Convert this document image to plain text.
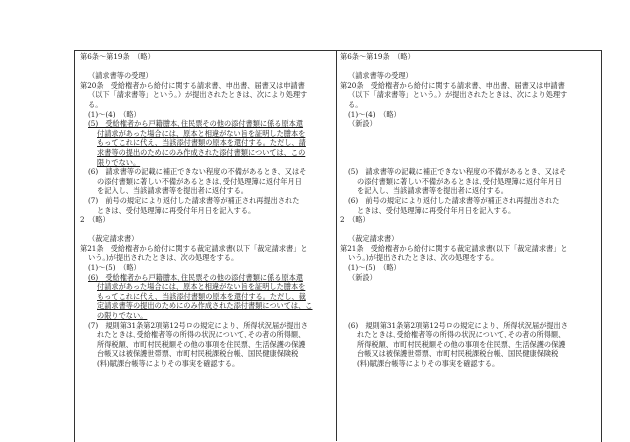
第6条～第19条　（略）
（請求書等の受理）
第20条　受給権者から給付に関する請求書、申出書、届書又は申請書
（以下「請求書等」という。）が提出されたときは、次により処理す
る。
(1)～(4)　（略）
(5)　受給権者から戸籍謄本､住民票その他の添付書類に係る原本還
付請求があった場合には、原本と相違がない旨を証明した謄本を
もってこれに代え、当該添付書類の原本を還付する。ただし、請
求書等の提出のためにのみ作成された添付書類については、この
限りでない。
(6)　請求書等の記載に補正できない程度の不備があるとき、又はそ
の添付書類に著しい不備があるときは､受付処理簿に返付年月日
を記入し、当該請求書等を提出者に返付する。
(7)　前号の規定により返付した請求書等が補正され再提出された
ときは、受付処理簿に再受付年月日を記入する。
2　（略）
（裁定請求書）
第21条　受給権者から給付に関する裁定請求書(以下「裁定請求書」と
いう。)が提出されたときは、次の処理をする。
(1)～(5)　（略）
(6)　受給権者から戸籍謄本､住民票その他の添付書類に係る原本還
付請求があった場合には、原本と相違がない旨を証明した謄本を
もってこれに代え、当該添付書類の原本を還付する。ただし、裁
定請求書等の提出のためにのみ作成された添付書類については、こ
の限りでない。
(7)　規則第31条第2項第12号ロの規定により、所得状況届が提出さ
れたときは､受給権者等の所得の状況について､その者の所得額、
所得税額、市町村民税額その他の事項を住民票、生活保護の保護
台帳又は被保護世帯票、市町村民税課税台帳、国民健康保険税
(料)賦課台帳等によりその事実を確認する。
第6条～第19条　（略）
（請求書等の受理）
第20条　受給権者から給付に関する請求書、申出書、届書又は申請書
（以下「請求書等」という。）が提出されたときは、次により処理す
る。
(1)～(4)　（略）
（新設）
(5)　請求書等の記載に補正できない程度の不備があるとき、又はそ
の添付書類に著しい不備があるときは､受付処理簿に返付年月日
を記入し、当該請求書等を提出者に返付する。
(6)　前号の規定により返付した請求書等が補正され再提出された
ときは、受付処理簿に再受付年月日を記入する。
2　（略）
（裁定請求書）
第21条　受給権者から給付に関する裁定請求書(以下「裁定請求書」と
いう。)が提出されたときは、次の処理をする。
(1)～(5)　（略）
（新設）
(6)　規則第31条第2項第12号ロの規定により、所得状況届が提出さ
れたときは､受給権者等の所得の状況について､その者の所得額、
所得税額、市町村民税額その他の事項を住民票、生活保護の保護
台帳又は被保護世帯票、市町村民税課税台帳、国民健康保険税
(料)賦課台帳等によりその事実を確認する。
